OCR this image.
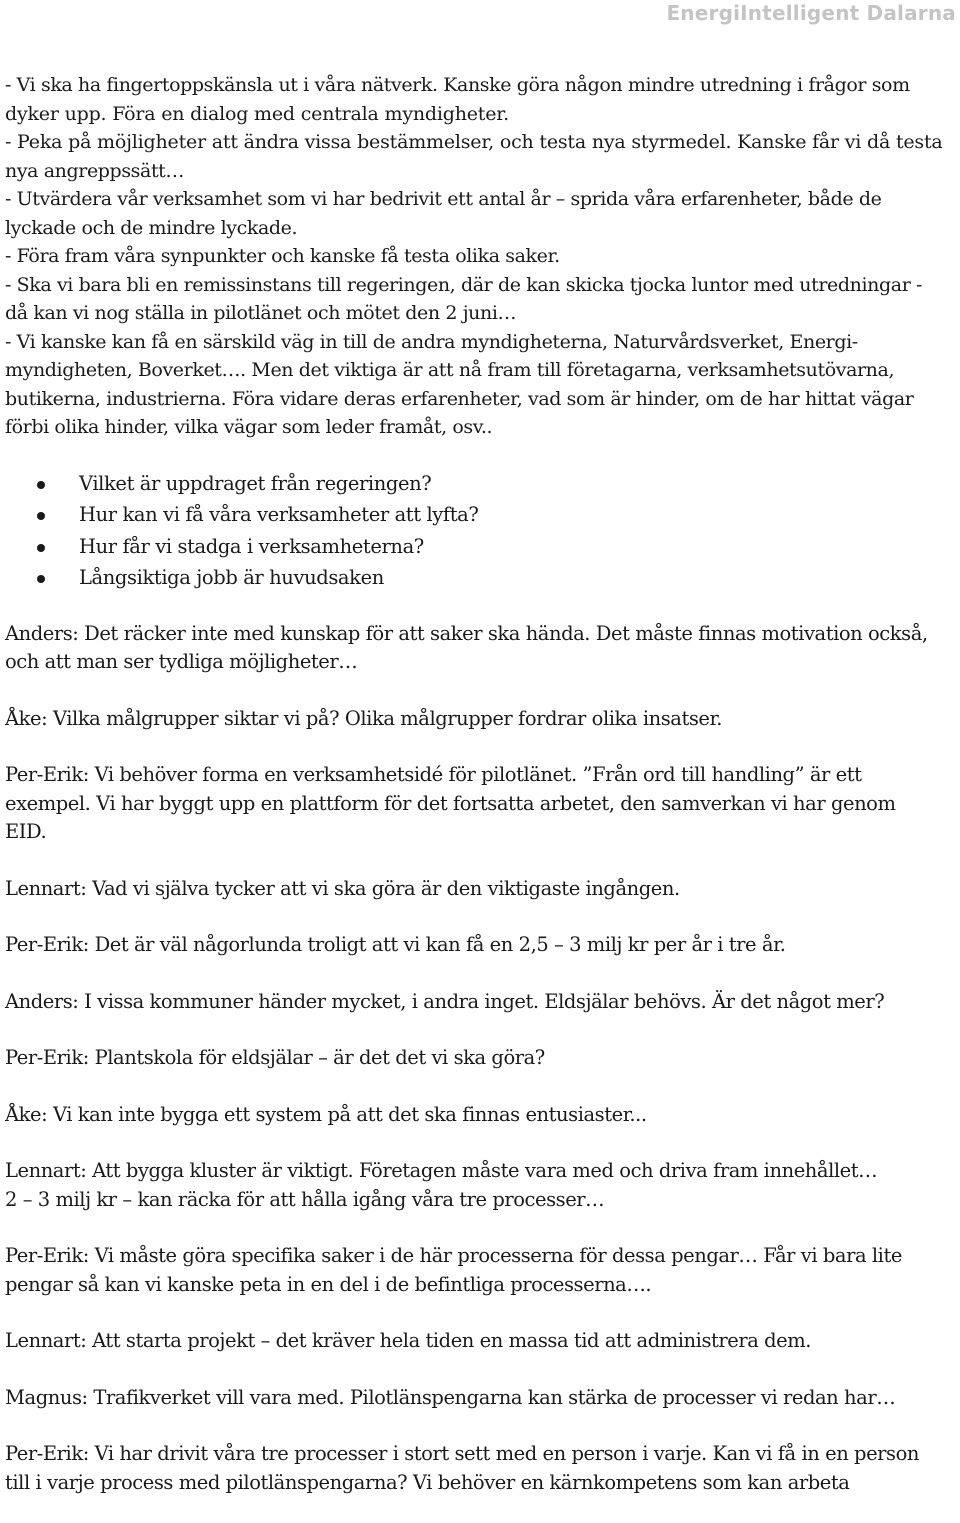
EnergiIntelligent Dalarna

- Vi ska ha fingertoppskänsla ut i våra nätverk. Kanske göra någon mindre utredning i frågor som
dyker upp. Föra en dialog med centrala myndigheter.
- Peka på möjligheter att ändra vissa bestämmelser, och testa nya styrmedel. Kanske får vi då testa
nya angreppssätt…
- Utvärdera vår verksamhet som vi har bedrivit ett antal år – sprida våra erfarenheter, både de
lyckade och de mindre lyckade.
- Föra fram våra synpunkter och kanske få testa olika saker.
- Ska vi bara bli en remissinstans till regeringen, där de kan skicka tjocka luntor med utredningar -
då kan vi nog ställa in pilotlänet och mötet den 2 juni…
- Vi kanske kan få en särskild väg in till de andra myndigheterna, Naturvårdsverket, Energi-
myndigheten, Boverket…. Men det viktiga är att nå fram till företagarna, verksamhetsutövarna,
butikerna, industrierna. Föra vidare deras erfarenheter, vad som är hinder, om de har hittat vägar
förbi olika hinder, vilka vägar som leder framåt, osv..

Vilket är uppdraget från regeringen?
Hur kan vi få våra verksamheter att lyfta?
Hur får vi stadga i verksamheterna?
Långsiktiga jobb är huvudsaken

Anders: Det räcker inte med kunskap för att saker ska hända. Det måste finnas motivation också,
och att man ser tydliga möjligheter…

Åke: Vilka målgrupper siktar vi på? Olika målgrupper fordrar olika insatser.

Per-Erik: Vi behöver forma en verksamhetsidé för pilotlänet. ”Från ord till handling” är ett
exempel. Vi har byggt upp en plattform för det fortsatta arbetet, den samverkan vi har genom
EID.

Lennart: Vad vi själva tycker att vi ska göra är den viktigaste ingången.

Per-Erik: Det är väl någorlunda troligt att vi kan få en 2,5 – 3 milj kr per år i tre år.

Anders: I vissa kommuner händer mycket, i andra inget. Eldsjälar behövs. Är det något mer?

Per-Erik: Plantskola för eldsjälar – är det det vi ska göra?

Åke: Vi kan inte bygga ett system på att det ska finnas entusiaster...

Lennart: Att bygga kluster är viktigt. Företagen måste vara med och driva fram innehållet…
2 – 3 milj kr – kan räcka för att hålla igång våra tre processer…

Per-Erik: Vi måste göra specifika saker i de här processerna för dessa pengar… Får vi bara lite
pengar så kan vi kanske peta in en del i de befintliga processerna….

Lennart: Att starta projekt – det kräver hela tiden en massa tid att administrera dem.

Magnus: Trafikverket vill vara med. Pilotlänspengarna kan stärka de processer vi redan har…

Per-Erik: Vi har drivit våra tre processer i stort sett med en person i varje. Kan vi få in en person
till i varje process med pilotlänspengarna? Vi behöver en kärnkompetens som kan arbeta
